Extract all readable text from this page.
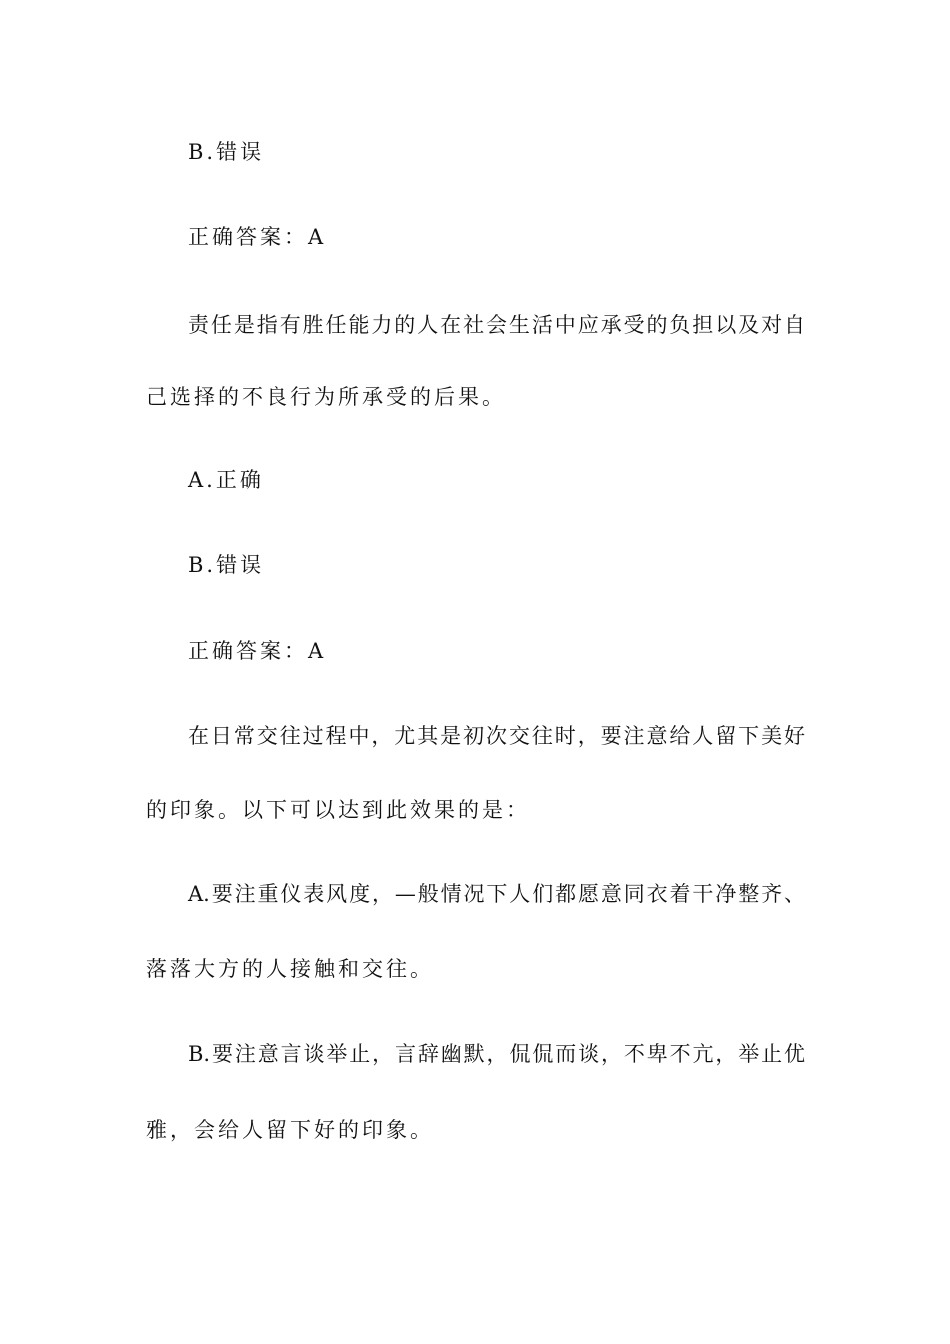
B.错误
正确答案：A
责任是指有胜任能力的人在社会生活中应承受的负担以及对自
己选择的不良行为所承受的后果。
A.正确
B.错误
正确答案：A
在日常交往过程中，尤其是初次交往时，要注意给人留下美好
的印象。以下可以达到此效果的是：
A.要注重仪表风度，—般情况下人们都愿意同衣着干净整齐、
落落大方的人接触和交往。
B.要注意言谈举止，言辞幽默，侃侃而谈，不卑不亢，举止优
雅，会给人留下好的印象。
